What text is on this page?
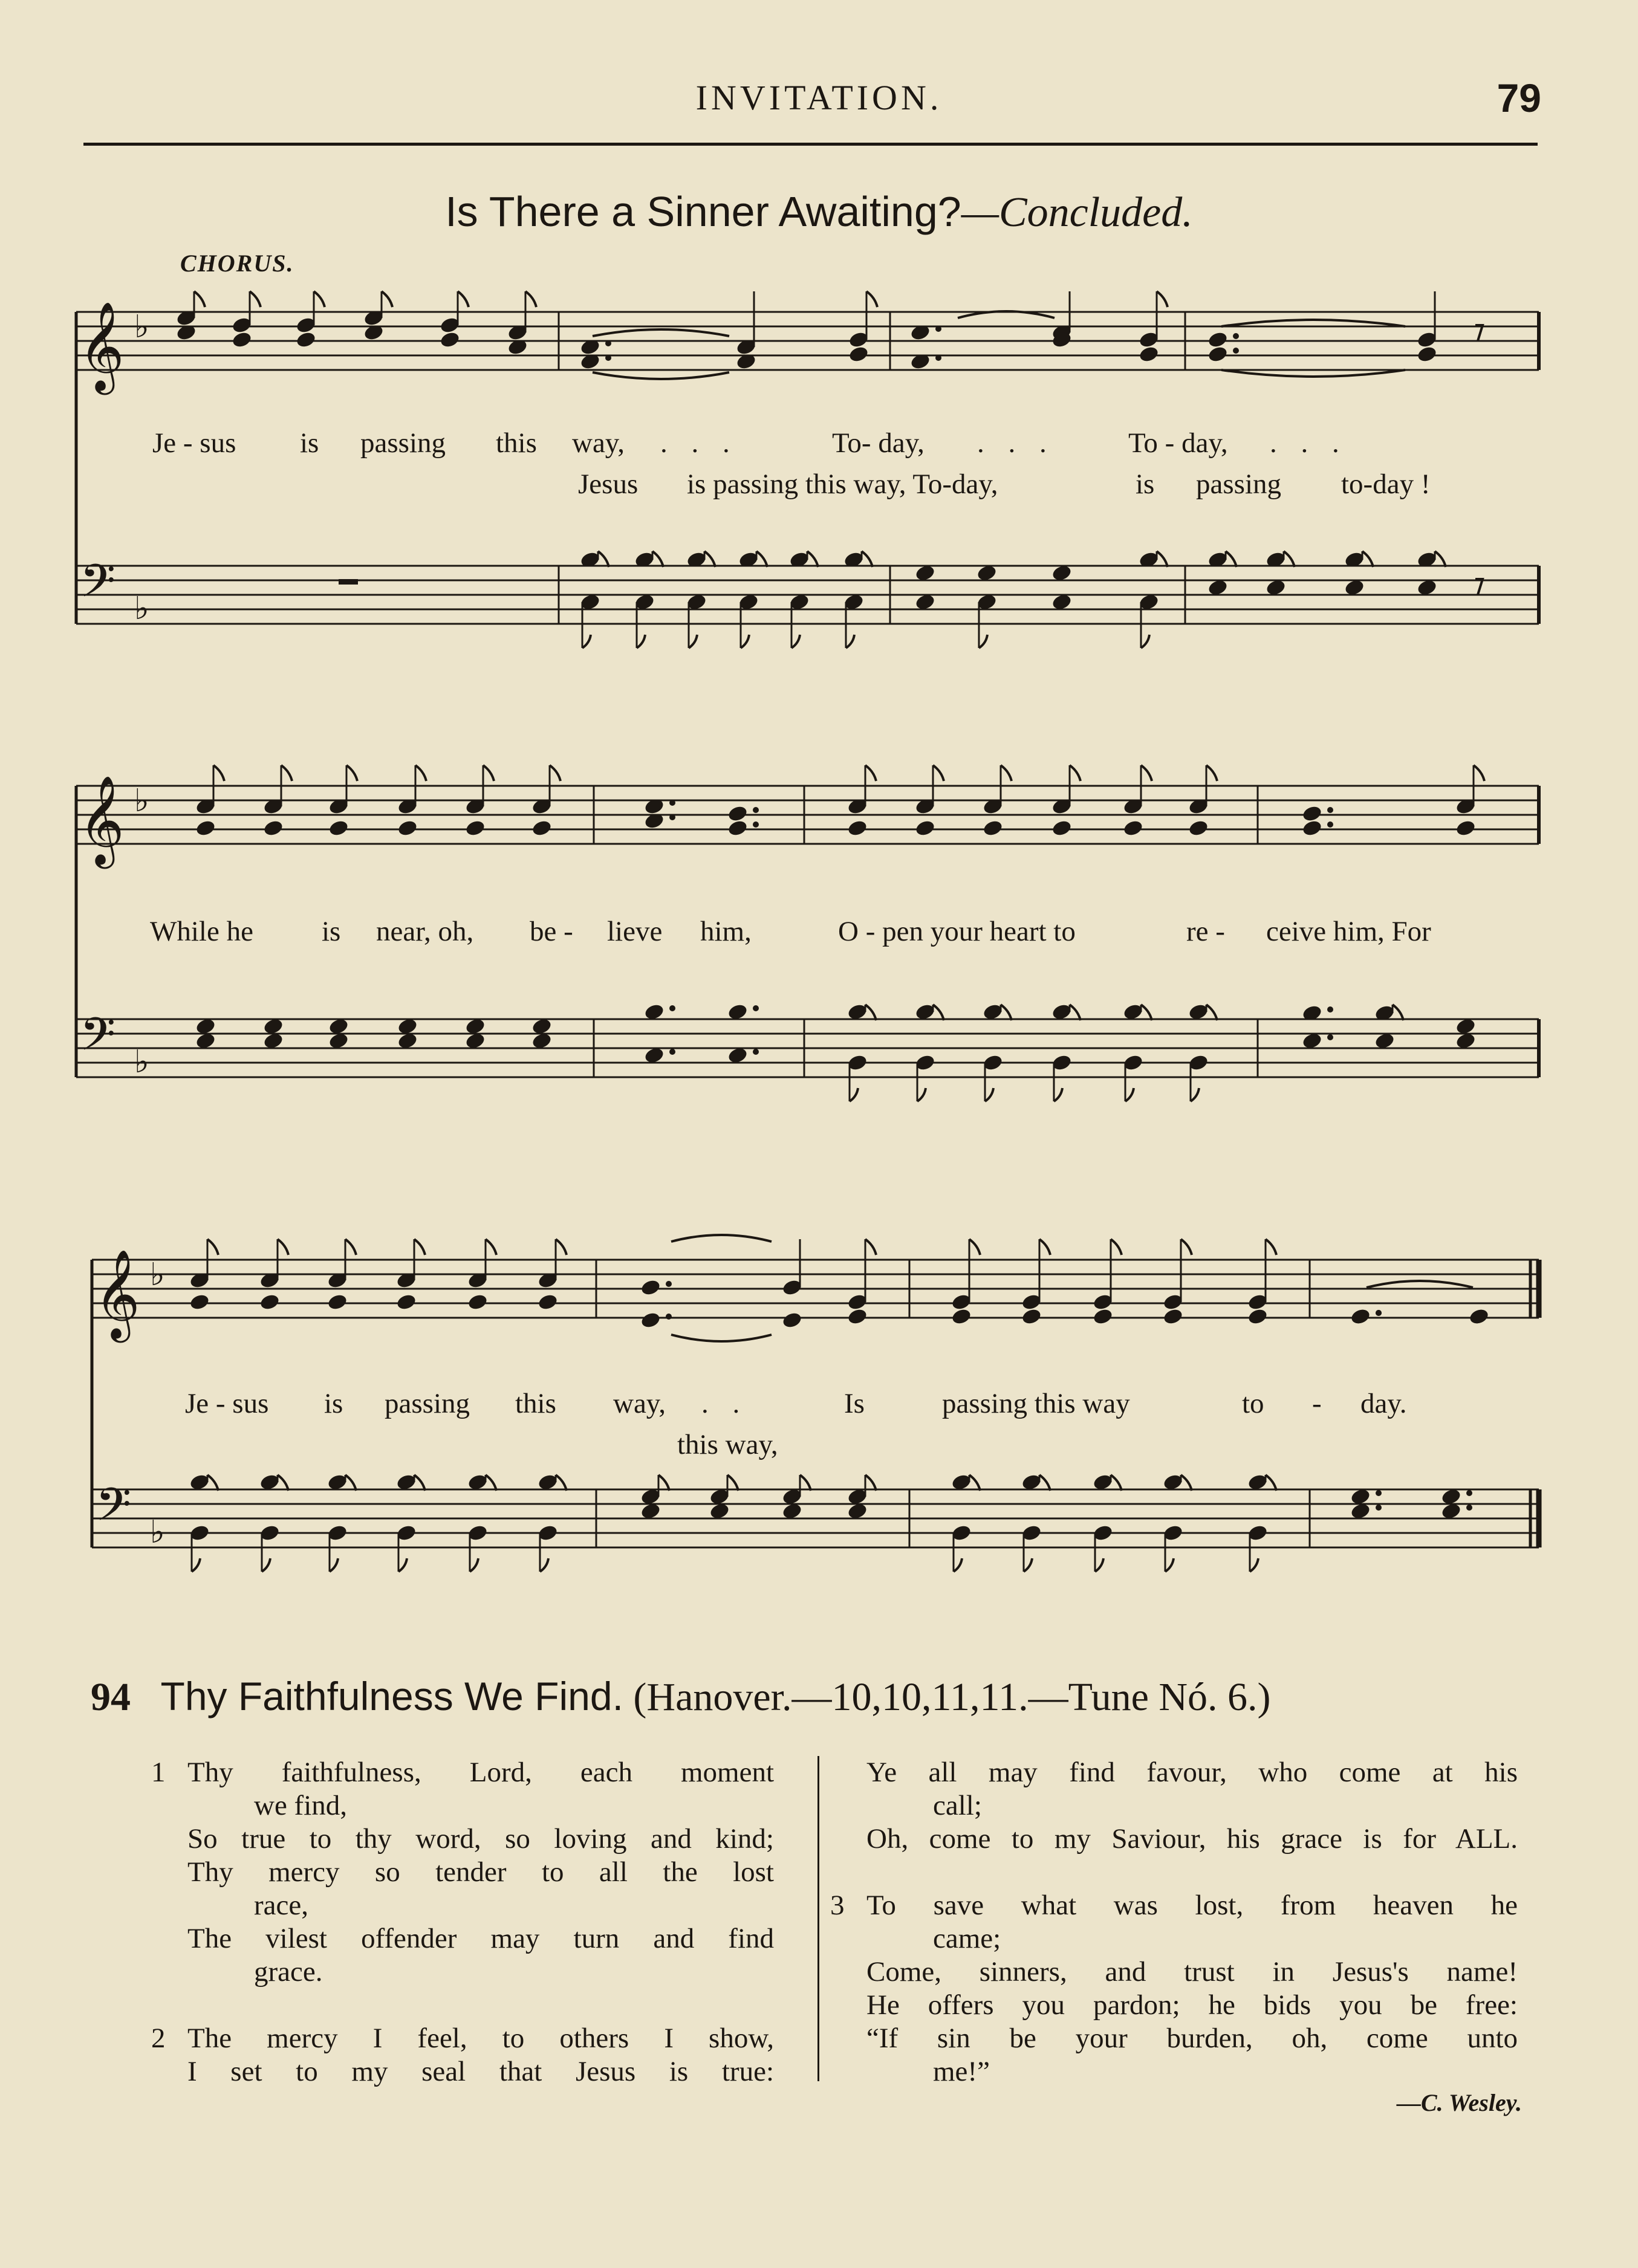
INVITATION.	79
Is There a Sinner Awaiting?—Concluded.
CHORUS.
𝄞
𝄢
♭
♭
𝄞
𝄢
♭
♭
𝄞
𝄢
♭
♭
Je - sus is passing this way, . . .	To- day, . . .	To - day, . . .
Jesus is passing this way, To-day,	is passing to-day !
While he is near, oh, be - lieve him,	O - pen your heart to	re - ceive him, For
Je - sus is passing this way, . .	Is	passing this way	to - day.
this way,
94 Thy Faithfulness We Find. (Hanover.—10,10,11,11.—Tune Nó. 6.)
1 Thy faithfulness, Lord, each moment
we find,
So true to thy word, so loving and kind;
Thy mercy so tender to all the lost
race,
The vilest offender may turn and find
grace.
2 The mercy I feel, to others I show,
I set to my seal that Jesus is true:
Ye all may find favour, who come at his
call;
Oh, come to my Saviour, his grace is for ALL.
3 To save what was lost, from heaven he
came;
Come, sinners, and trust in Jesus's name!
He offers you pardon; he bids you be free:
“If sin be your burden, oh, come unto
me!”
—C. Wesley.
